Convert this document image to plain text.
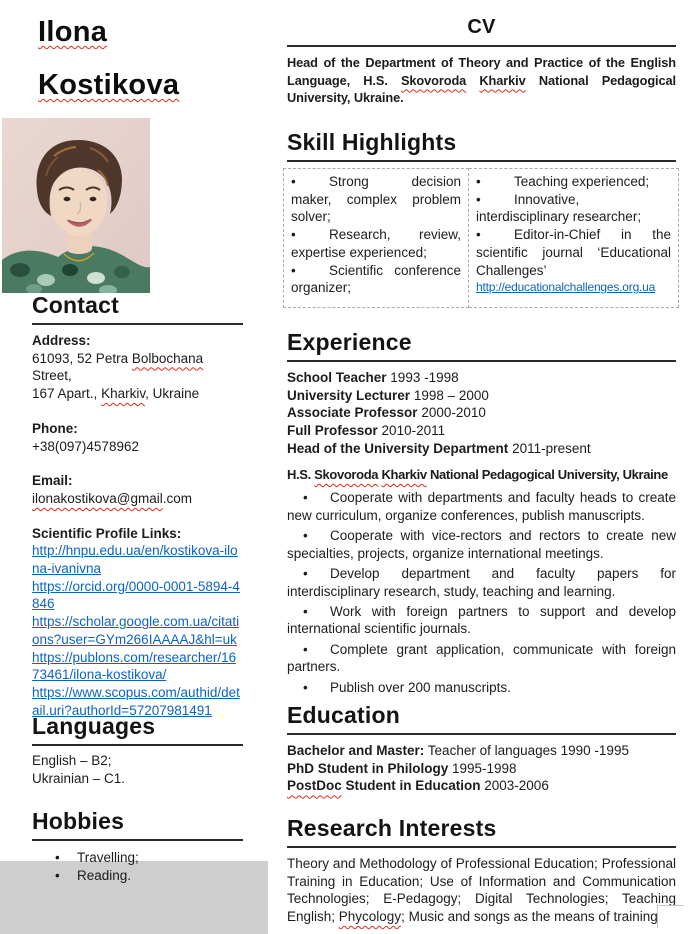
Ilona
Kostikova
Contact
Address:
61093, 52 Petra Bolbochana Street,
167 Apart., Kharkiv, Ukraine
Phone:
+38(097)4578962
Email:
ilonakostikova@gmail.com
Scientific Profile Links:
http://hnpu.edu.ua/en/kostikova-ilona-ivanivna
https://orcid.org/0000-0001-5894-4846
https://scholar.google.com.ua/citations?user=GYm266IAAAAJ&hl=uk
https://publons.com/researcher/1673461/ilona-kostikova/
https://www.scopus.com/authid/detail.uri?authorId=57207981491
Languages
English – B2;
Ukrainian – C1.
Hobbies
• Travelling;
• Reading.
CV
Head of the Department of Theory and Practice of the English Language, H.S. Skovoroda Kharkiv National Pedagogical University, Ukraine.
Skill Highlights

• Strong decision maker, complex problem solver;

• Research, review, expertise experienced;

• Scientific conference organizer;

• Teaching experienced;

• Innovative, interdisciplinary researcher;

• Editor-in-Chief in the scientific journal ‘Educational Challenges’

http://educationalchallenges.org.ua
Experience
School Teacher 1993 -1998
University Lecturer 1998 – 2000
Associate Professor 2000-2010
Full Professor 2010-2011
Head of the University Department 2011-present
H.S. Skovoroda Kharkiv National Pedagogical University, Ukraine

• Cooperate with departments and faculty heads to create new curriculum, organize conferences, publish manuscripts.

• Cooperate with vice-rectors and rectors to create new specialties, projects, organize international meetings.

• Develop department and faculty papers for interdisciplinary research, study, teaching and learning.

• Work with foreign partners to support and develop international scientific journals.

• Complete grant application, communicate with foreign partners.

• Publish over 200 manuscripts.

Education
Bachelor and Master: Teacher of languages 1990 -1995
PhD Student in Philology 1995-1998
PostDoc Student in Education 2003-2006
Research Interests
Theory and Methodology of Professional Education; Professional Training in Education; Use of Information and Communication Technologies; E-Pedagogy; Digital Technologies; Teaching English; Phycology; Music and songs as the means of training
